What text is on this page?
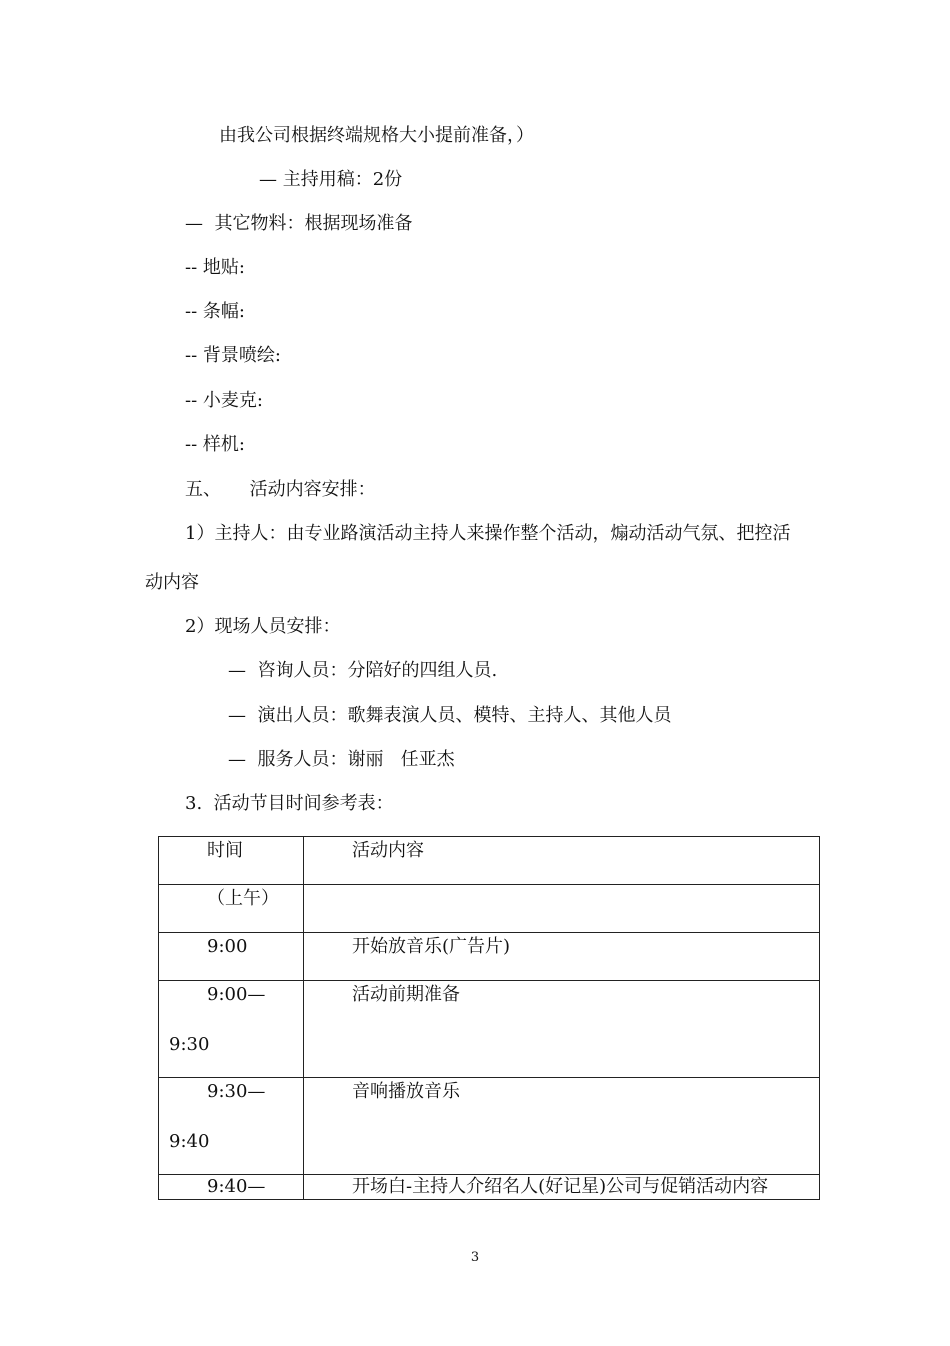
由我公司根据终端规格大小提前准备，）
— 主持用稿：2份
—  其它物料：根据现场准备
-- 地贴:
-- 条幅:
-- 背景喷绘:
-- 小麦克:
-- 样机:
五、     活动内容安排：
1）主持人：由专业路演活动主持人来操作整个活动，煽动活动气氛、把控活
动内容
2）现场人员安排：
—  咨询人员：分陪好的四组人员.
—  演出人员：歌舞表演人员、模特、主持人、其他人员
—  服务人员：谢丽   任亚杰
3.  活动节目时间参考表：
时间	活动内容

（上午）	

9:00	开始放音乐(广告片)

9:00—
9:30	活动前期准备

9:30—
9:40	音响播放音乐

9:40—	开场白-主持人介绍名人(好记星)公司与促销活动内容
3
